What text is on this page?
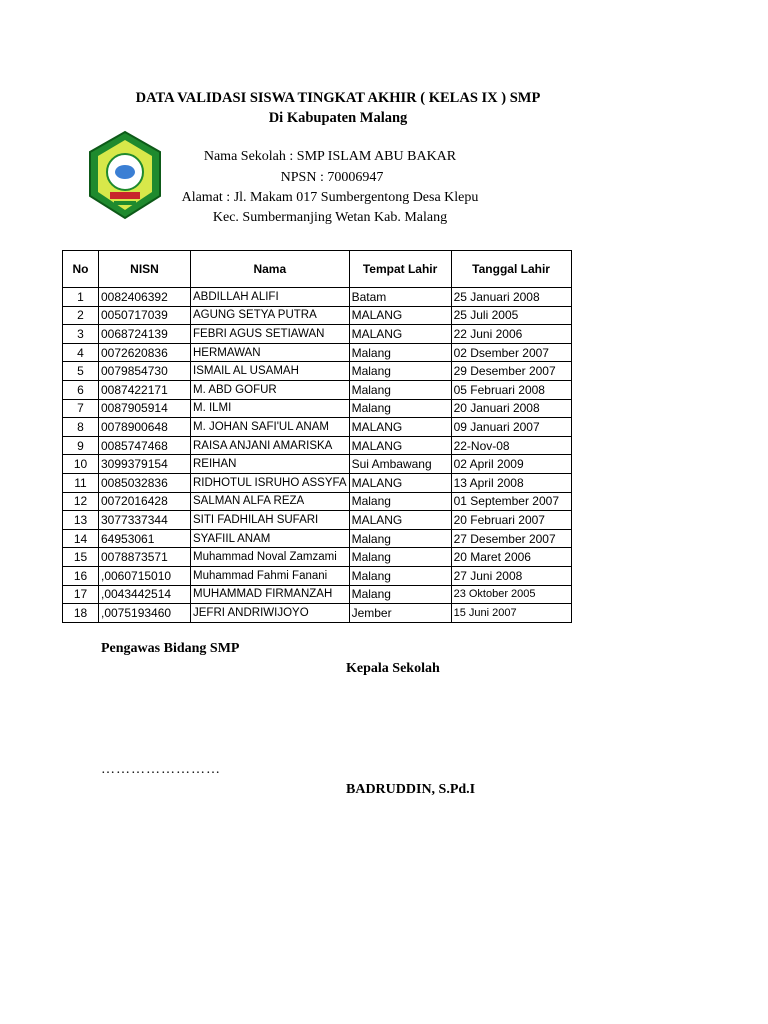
DATA VALIDASI SISWA TINGKAT AKHIR ( KELAS IX ) SMP
Di Kabupaten Malang
Nama Sekolah : SMP ISLAM ABU BAKAR
NPSN : 70006947
Alamat : Jl. Makam 017 Sumbergentong Desa Klepu
Kec. Sumbermanjing Wetan Kab. Malang
No	NISN	Nama	Tempat Lahir	Tanggal Lahir
1	0082406392	ABDILLAH ALIFI	Batam	25 Januari 2008
2	0050717039	AGUNG SETYA PUTRA	MALANG	25 Juli 2005
3	0068724139	FEBRI AGUS SETIAWAN	MALANG	22 Juni 2006
4	0072620836	HERMAWAN	Malang	02 Dsember 2007
5	0079854730	ISMAIL AL USAMAH	Malang	29 Desember 2007
6	0087422171	M. ABD GOFUR	Malang	05 Februari 2008
7	0087905914	M. ILMI	Malang	20 Januari 2008
8	0078900648	M. JOHAN SAFI'UL ANAM	MALANG	09 Januari 2007
9	0085747468	RAISA ANJANI AMARISKA	MALANG	22-Nov-08
10	3099379154	REIHAN	Sui Ambawang	02 April 2009
11	0085032836	RIDHOTUL ISRUHO ASSYFA	MALANG	13 April 2008
12	0072016428	SALMAN ALFA REZA	Malang	01 September 2007
13	3077337344	SITI FADHILAH SUFARI	MALANG	20 Februari 2007
14	64953061	SYAFIIL ANAM	Malang	27 Desember 2007
15	0078873571	Muhammad Noval Zamzami	Malang	20 Maret 2006
16	,0060715010	Muhammad Fahmi Fanani	Malang	27 Juni 2008
17	,0043442514	MUHAMMAD FIRMANZAH	Malang	23 Oktober 2005
18	,0075193460	JEFRI ANDRIWIJOYO	Jember	15 Juni 2007
Pengawas Bidang SMP
Kepala Sekolah
……………………
BADRUDDIN, S.Pd.I
